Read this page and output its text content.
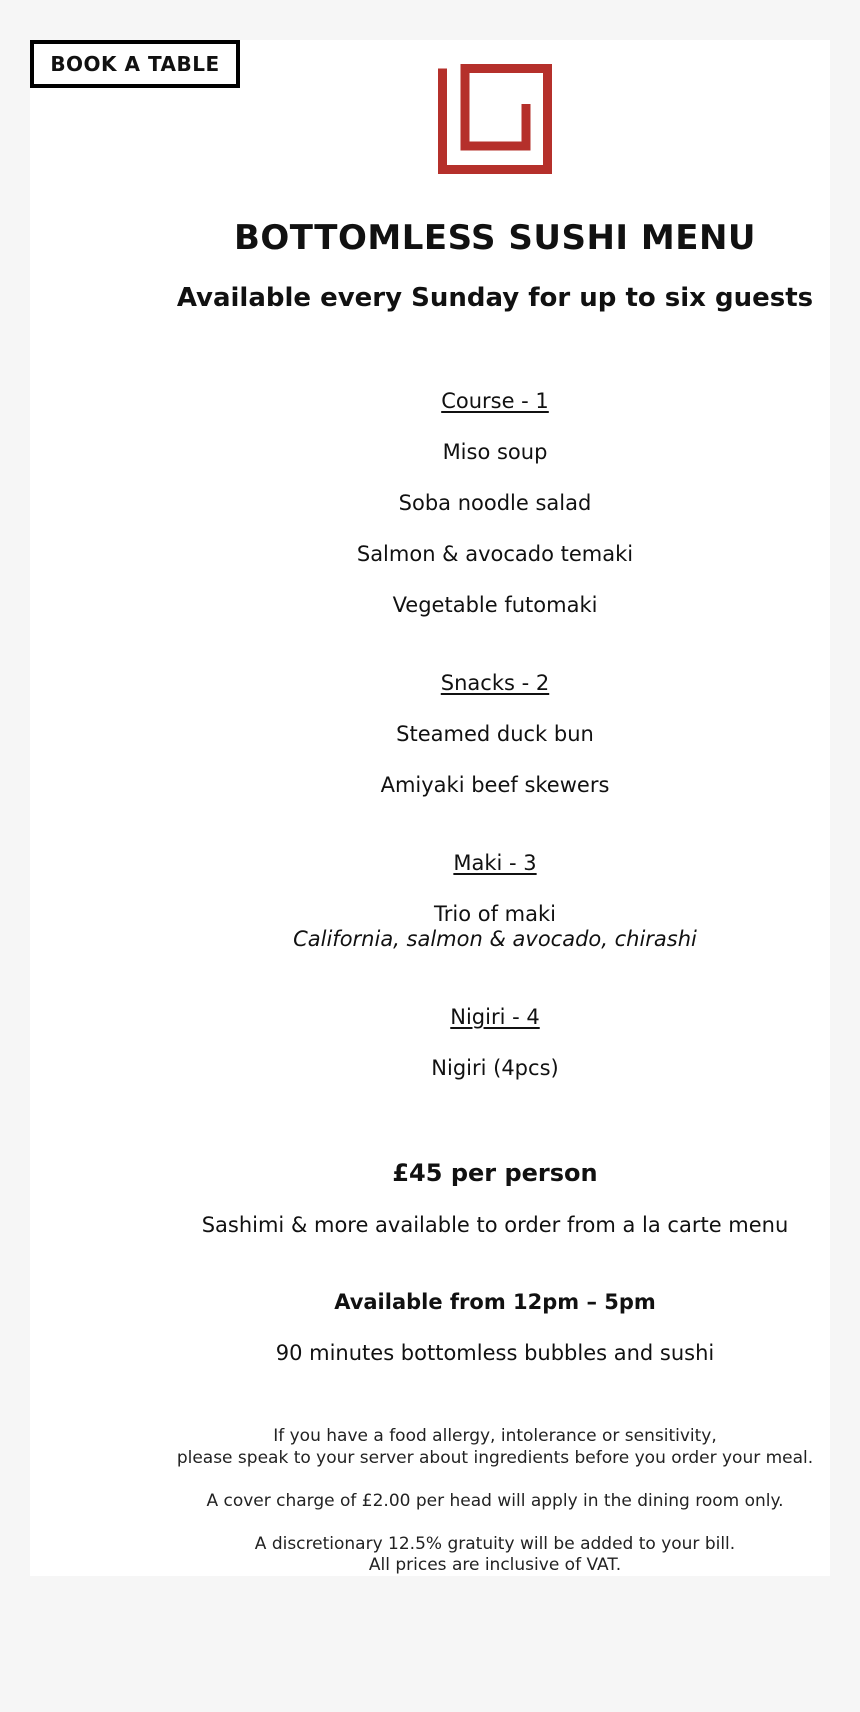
BOOK A TABLE
BOTTOMLESS SUSHI MENU
Available every Sunday for up to six guests
Course - 1
Miso soup
Soba noodle salad
Salmon & avocado temaki
Vegetable futomaki
Snacks - 2
Steamed duck bun
Amiyaki beef skewers
Maki - 3
Trio of maki
California, salmon & avocado, chirashi
Nigiri - 4
Nigiri (4pcs)
£45 per person
Sashimi & more available to order from a la carte menu
Available from 12pm – 5pm
90 minutes bottomless bubbles and sushi
If you have a food allergy, intolerance or sensitivity,
please speak to your server about ingredients before you order your meal.
A cover charge of £2.00 per head will apply in the dining room only.
A discretionary 12.5% gratuity will be added to your bill.
All prices are inclusive of VAT.
